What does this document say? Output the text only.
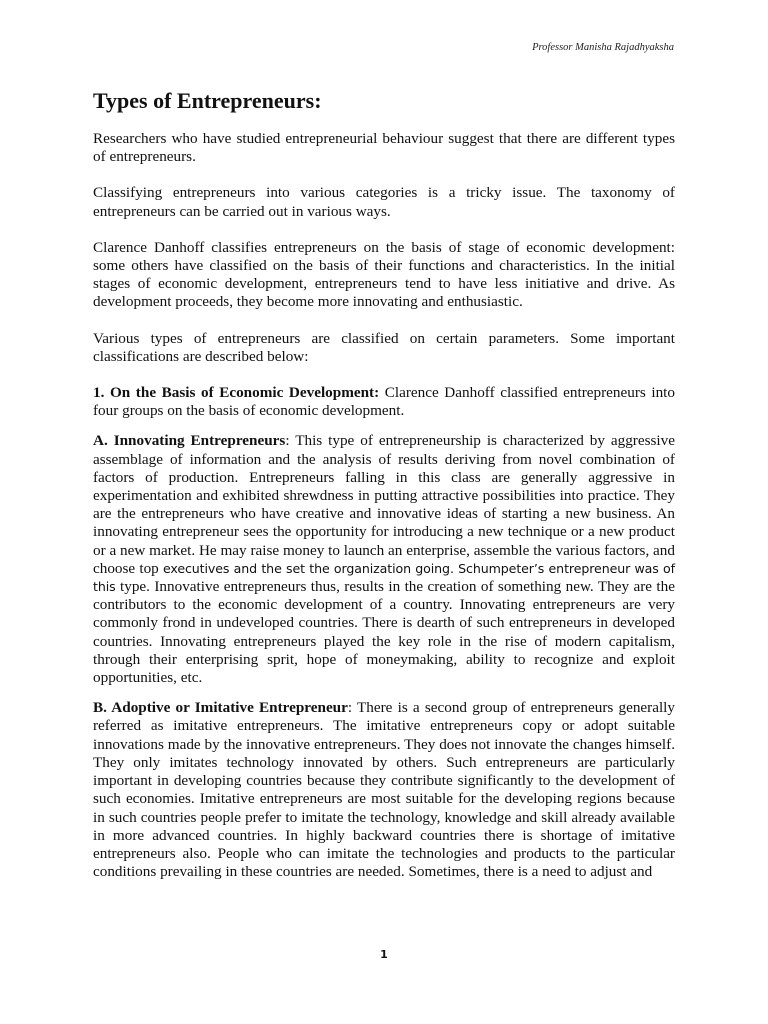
Professor Manisha Rajadhyaksha
Types of Entrepreneurs:

Researchers who have studied entrepreneurial behaviour suggest that there are different types of entrepreneurs.

Classifying entrepreneurs into various categories is a tricky issue. The taxonomy of entrepreneurs can be carried out in various ways.

Clarence Danhoff classifies entrepreneurs on the basis of stage of economic development: some others have classified on the basis of their functions and characteristics. In the initial stages of economic development, entrepreneurs tend to have less initiative and drive. As development proceeds, they become more innovating and enthusiastic.

Various types of entrepreneurs are classified on certain parameters. Some important classifications are described below:

1. On the Basis of Economic Development: Clarence Danhoff classified entrepreneurs into four groups on the basis of economic development.

A. Innovating Entrepreneurs: This type of entrepreneurship is characterized by aggressive assemblage of information and the analysis of results deriving from novel combination of factors of production. Entrepreneurs falling in this class are generally aggressive in experimentation and exhibited shrewdness in putting attractive possibilities into practice. They are the entrepreneurs who have creative and innovative ideas of starting a new business. An innovating entrepreneur sees the opportunity for introducing a new technique or a new product or a new market. He may raise money to launch an enterprise, assemble the various factors, and choose top executives and the set the organization going. Schumpeter’s entrepreneur was of this type. Innovative entrepreneurs thus, results in the creation of something new. They are the contributors to the economic development of a country. Innovating entrepreneurs are very commonly frond in undeveloped countries. There is dearth of such entrepreneurs in developed countries. Innovating entrepreneurs played the key role in the rise of modern capitalism, through their enterprising sprit, hope of moneymaking, ability to recognize and exploit opportunities, etc.

B. Adoptive or Imitative Entrepreneur: There is a second group of entrepreneurs generally referred as imitative entrepreneurs. The imitative entrepreneurs copy or adopt suitable innovations made by the innovative entrepreneurs. They does not innovate the changes himself. They only imitates technology innovated by others. Such entrepreneurs are particularly important in developing countries because they contribute significantly to the development of such economies. Imitative entrepreneurs are most suitable for the developing regions because in such countries people prefer to imitate the technology, knowledge and skill already available in more advanced countries. In highly backward countries there is shortage of imitative entrepreneurs also. People who can imitate the technologies and products to the particular conditions prevailing in these countries are needed. Sometimes, there is a need to adjust and

1
